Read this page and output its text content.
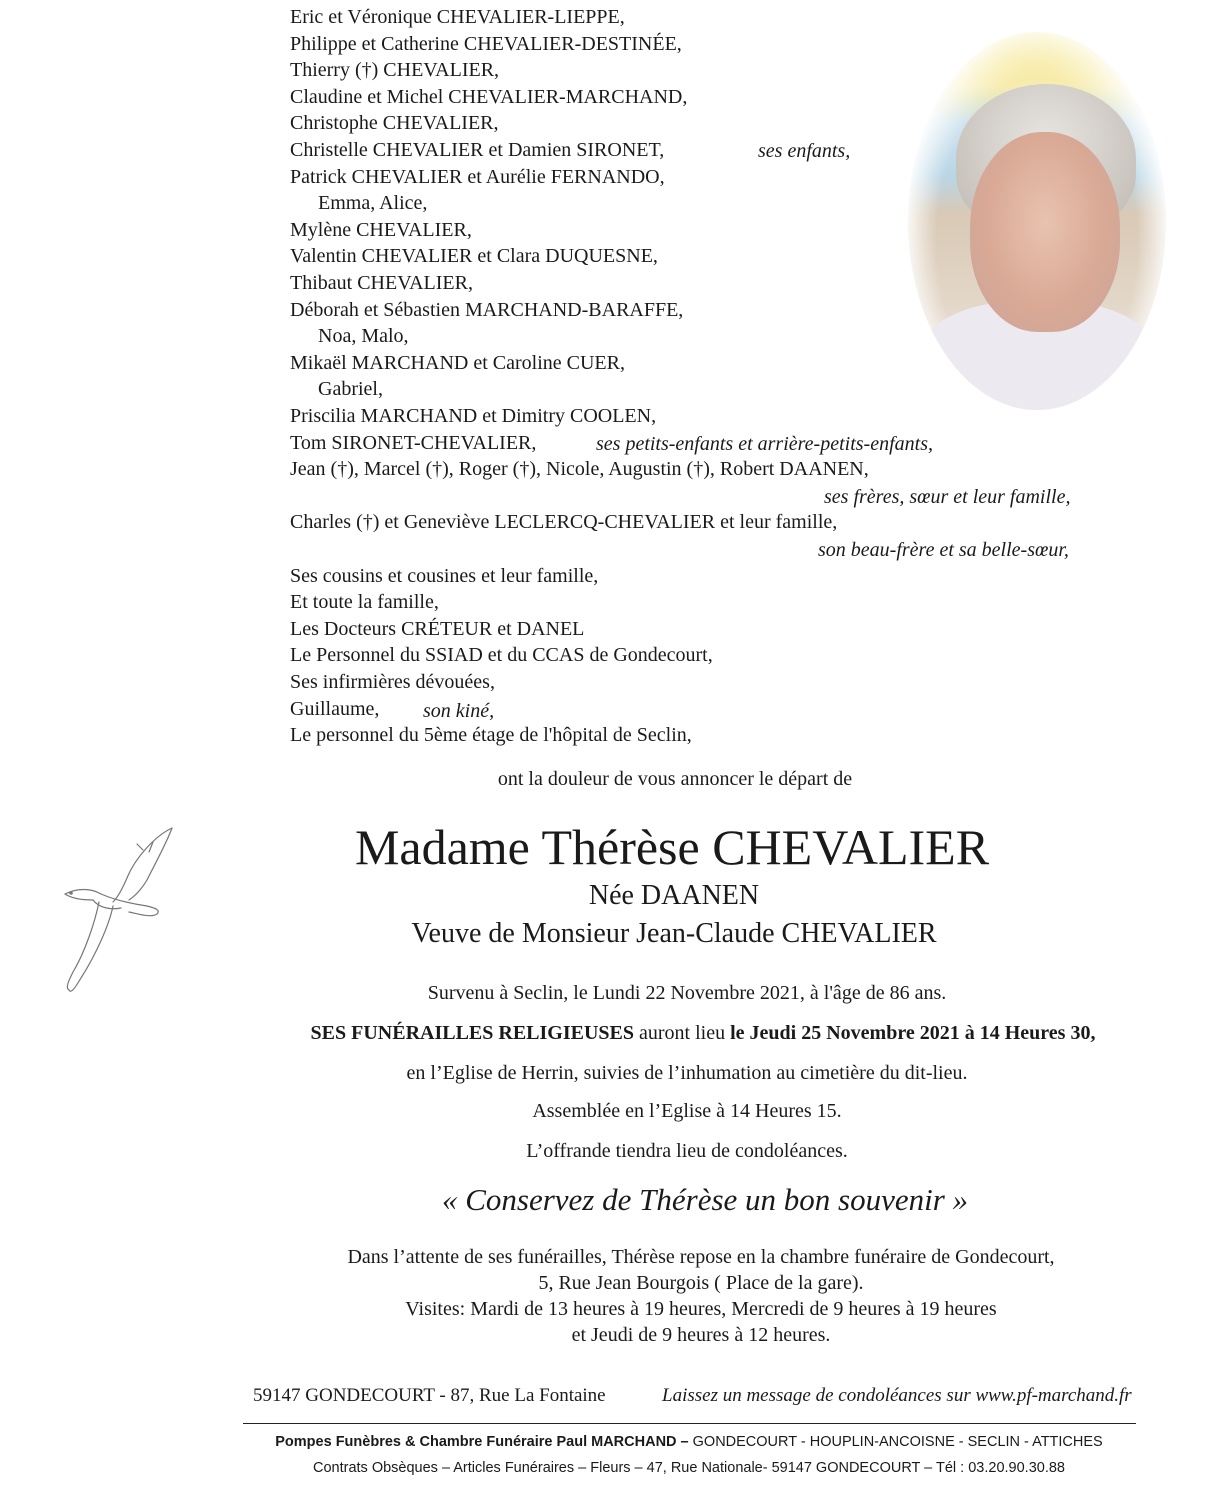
Eric et Véronique CHEVALIER-LIEPPE,
Philippe et Catherine CHEVALIER-DESTINÉE,
Thierry (†) CHEVALIER,
Claudine et Michel CHEVALIER-MARCHAND,
Christophe CHEVALIER,
Christelle CHEVALIER et Damien SIRONET,
Patrick CHEVALIER et Aurélie FERNANDO,
Emma, Alice,
Mylène CHEVALIER,
Valentin CHEVALIER et Clara DUQUESNE,
Thibaut CHEVALIER,
Déborah et Sébastien MARCHAND-BARAFFE,
Noa, Malo,
Mikaël MARCHAND et Caroline CUER,
Gabriel,
Priscilia MARCHAND et Dimitry COOLEN,
Tom SIRONET-CHEVALIER,
Jean (†), Marcel (†), Roger (†), Nicole, Augustin (†), Robert DAANEN,
Charles (†) et Geneviève LECLERCQ-CHEVALIER et leur famille,
Ses cousins et cousines et leur famille,
Et toute la famille,
Les Docteurs CRÉTEUR et DANEL
Le Personnel du SSIAD et du CCAS de Gondecourt,
Ses infirmières dévouées,
Guillaume,
Le personnel du 5ème étage de l'hôpital de Seclin,
ses enfants,
ses petits-enfants et arrière-petits-enfants,
ses frères, sœur et leur famille,
son beau-frère et sa belle-sœur,
son kiné,
ont la douleur de vous annoncer le départ de
Madame Thérèse CHEVALIER
Née DAANEN
Veuve de Monsieur Jean-Claude CHEVALIER
Survenu à Seclin, le Lundi 22 Novembre 2021, à l'âge de 86 ans.
SES FUNÉRAILLES RELIGIEUSES auront lieu le Jeudi 25 Novembre 2021 à 14 Heures 30,
en l’Eglise de Herrin, suivies de l’inhumation au cimetière du dit-lieu.
Assemblée en l’Eglise à 14 Heures 15.
L’offrande tiendra lieu de condoléances.
« Conservez de Thérèse un bon souvenir »
Dans l’attente de ses funérailles, Thérèse repose en la chambre funéraire de Gondecourt,
5, Rue Jean Bourgois ( Place de la gare).
Visites: Mardi de 13 heures à 19 heures, Mercredi de 9 heures à 19 heures
et Jeudi de 9 heures à 12 heures.
59147 GONDECOURT - 87, Rue La Fontaine	Laissez un message de condoléances sur www.pf-marchand.fr
Pompes Funèbres & Chambre Funéraire Paul MARCHAND – GONDECOURT - HOUPLIN-ANCOISNE - SECLIN - ATTICHES
Contrats Obsèques – Articles Funéraires – Fleurs – 47, Rue Nationale- 59147 GONDECOURT – Tél : 03.20.90.30.88
